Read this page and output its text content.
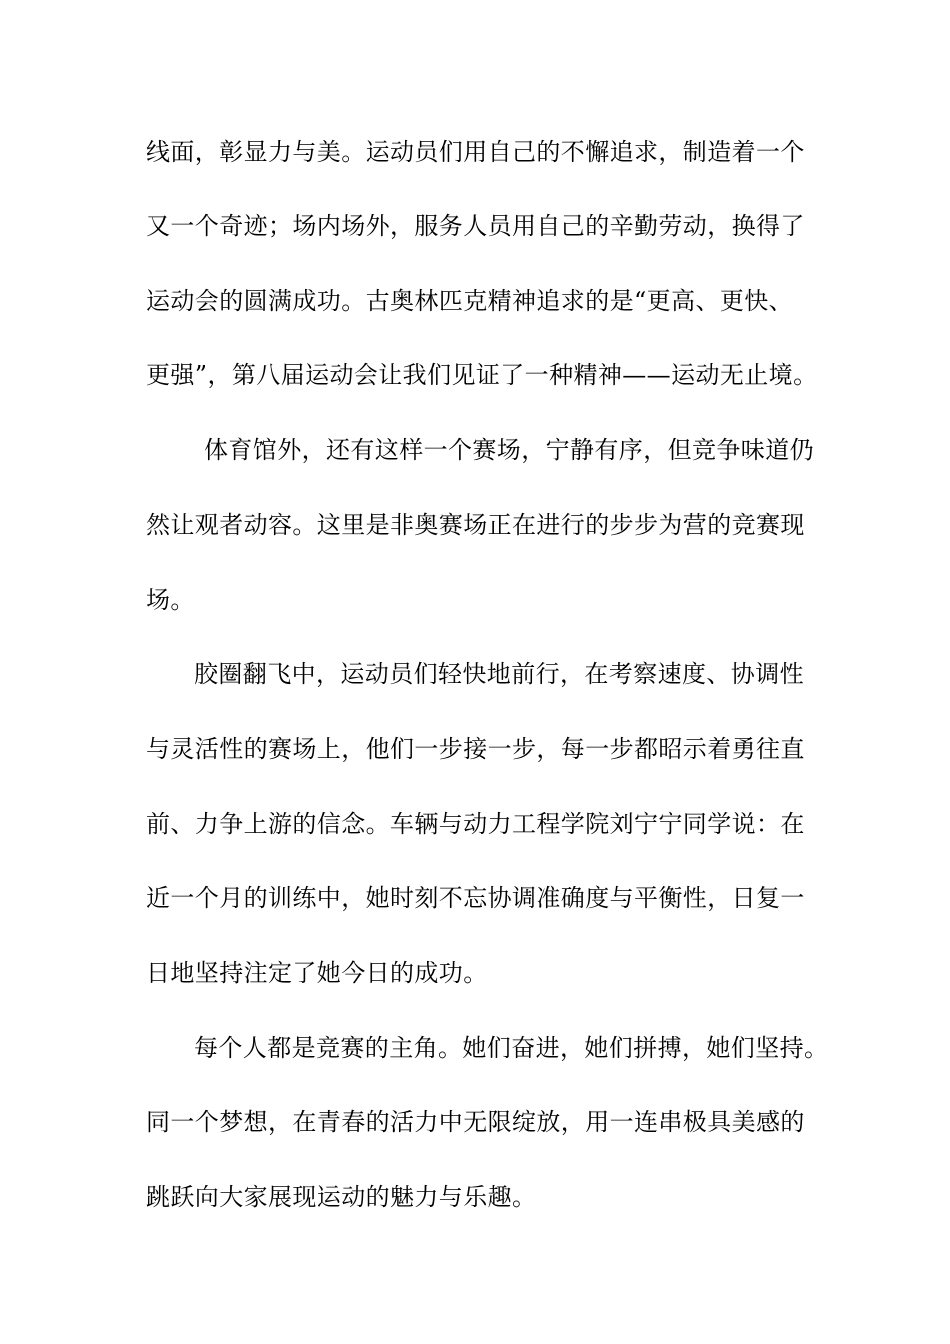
线面，彰显力与美。运动员们用自己的不懈追求，制造着一个
又一个奇迹；场内场外，服务人员用自己的辛勤劳动，换得了
运动会的圆满成功。古奥林匹克精神追求的是“更高、更快、
更强”，第八届运动会让我们见证了一种精神——运动无止境。
体育馆外，还有这样一个赛场，宁静有序，但竞争味道仍
然让观者动容。这里是非奥赛场正在进行的步步为营的竞赛现
场。
胶圈翻飞中，运动员们轻快地前行，在考察速度、协调性
与灵活性的赛场上，他们一步接一步，每一步都昭示着勇往直
前、力争上游的信念。车辆与动力工程学院刘宁宁同学说：在
近一个月的训练中，她时刻不忘协调准确度与平衡性，日复一
日地坚持注定了她今日的成功。
每个人都是竞赛的主角。她们奋进，她们拼搏，她们坚持。
同一个梦想，在青春的活力中无限绽放，用一连串极具美感的
跳跃向大家展现运动的魅力与乐趣。
